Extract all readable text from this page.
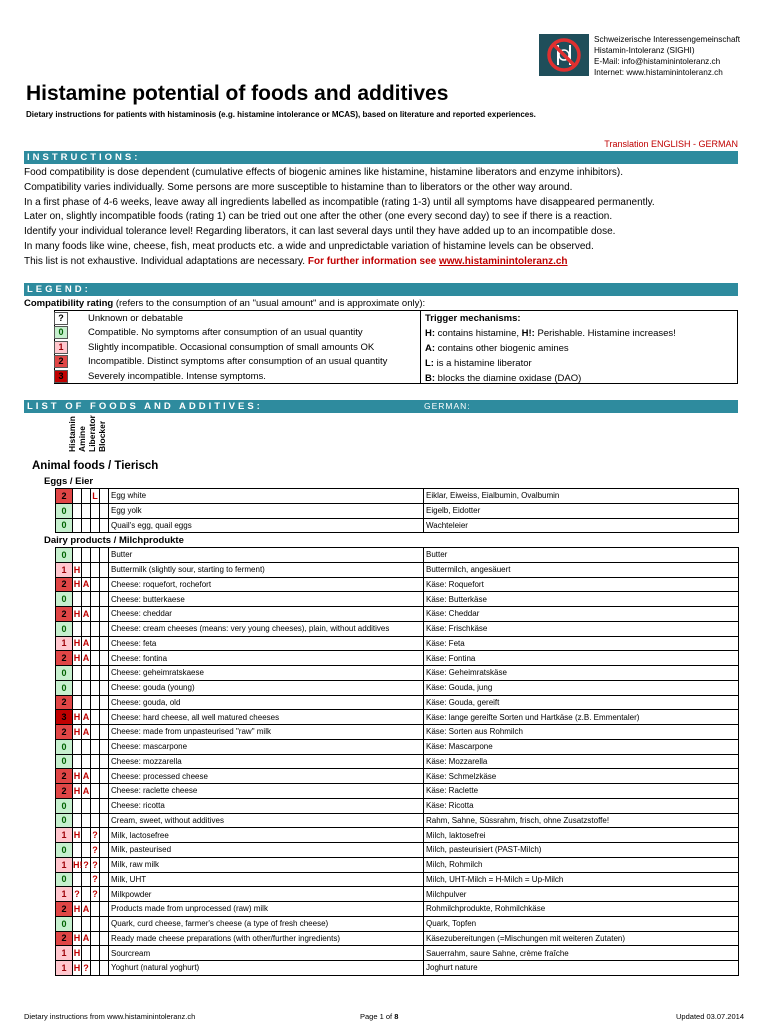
Schweizerische Interessengemeinschaft
Histamin-Intoleranz (SIGHI)
E-Mail: info@histaminintoleranz.ch
Internet: www.histaminintoleranz.ch
Histamine potential of foods and additives
Dietary instructions for patients with histaminosis (e.g. histamine intolerance or MCAS), based on literature and reported experiences.
Translation ENGLISH - GERMAN
INSTRUCTIONS:
Food compatibility is dose dependent (cumulative effects of biogenic amines like histamine, histamine liberators and enzyme inhibitors).
Compatibility varies individually. Some persons are more susceptible to histamine than to liberators or the other way around.
In a first phase of 4-6 weeks, leave away all ingredients labelled as incompatible (rating 1-3) until all symptoms have disappeared permanently.
Later on, slightly incompatible foods (rating 1) can be tried out one after the other (one every second day) to see if there is a reaction.
Identify your individual tolerance level! Regarding liberators, it can last several days until they have added up to an incompatible dose.
In many foods like wine, cheese, fish, meat products etc. a wide and unpredictable variation of histamine levels can be observed.
This list is not exhaustive. Individual adaptations are necessary. For further information see www.histaminintoleranz.ch
LEGEND:
Compatibility rating (refers to the consumption of an "usual amount" and is approximate only):
?	Unknown or debatable
0	Compatible. No symptoms after consumption of an usual quantity
1	Slightly incompatible. Occasional consumption of small amounts OK
2	Incompatible. Distinct symptoms after consumption of an usual quantity
3	Severely incompatible. Intense symptoms.
Trigger mechanisms:
H: contains histamine, H!: Perishable. Histamine increases!
A: contains other biogenic amines
L: is a histamine liberator
B: blocks the diamine oxidase (DAO)
LIST OF FOODS AND ADDITIVES:	GERMAN:
Histamin Amine Liberator Blocker
Animal foods / Tierisch
Eggs / Eier
2			L		Egg white	Eiklar, Eiweiss, Eialbumin, Ovalbumin
0					Egg yolk	Eigelb, Eidotter
0					Quail's egg, quail eggs	Wachteleier
Dairy products / Milchprodukte
0					Butter	Butter
1	H				Buttermilk (slightly sour, starting to ferment)	Buttermilch, angesäuert
2	H	A			Cheese: roquefort, rochefort	Käse: Roquefort
0					Cheese: butterkaese	Käse: Butterkäse
2	H	A			Cheese: cheddar	Käse: Cheddar
0					Cheese: cream cheeses (means: very young cheeses), plain, without additives	Käse: Frischkäse
1	H	A			Cheese: feta	Käse: Feta
2	H	A			Cheese: fontina	Käse: Fontina
0					Cheese: geheimratskaese	Käse: Geheimratskäse
0					Cheese: gouda (young)	Käse: Gouda, jung
2					Cheese: gouda, old	Käse: Gouda, gereift
3	H	A			Cheese: hard cheese, all well matured cheeses	Käse: lange gereifte Sorten und Hartkäse (z.B. Emmentaler)
2	H	A			Cheese: made from unpasteurised "raw" milk	Käse: Sorten aus Rohmilch
0					Cheese: mascarpone	Käse: Mascarpone
0					Cheese: mozzarella	Käse: Mozzarella
2	H	A			Cheese: processed cheese	Käse: Schmelzkäse
2	H	A			Cheese: raclette cheese	Käse: Raclette
0					Cheese: ricotta	Käse: Ricotta
0					Cream, sweet, without additives	Rahm, Sahne, Süssrahm, frisch, ohne Zusatzstoffe!
1	H		?		Milk, lactosefree	Milch, laktosefrei
0			?		Milk, pasteurised	Milch, pasteurisiert (PAST-Milch)
1	H!	?	?		Milk, raw milk	Milch, Rohmilch
0			?		Milk, UHT	Milch, UHT-Milch = H-Milch = Up-Milch
1	?		?		Milkpowder	Milchpulver
2	H	A			Products made from unprocessed (raw) milk	Rohmilchprodukte, Rohmilchkäse
0					Quark, curd cheese, farmer's cheese (a type of fresh cheese)	Quark, Topfen
2	H	A			Ready made cheese preparations (with other/further ingredients)	Käsezubereitungen (=Mischungen mit weiteren Zutaten)
1	H				Sourcream	Sauerrahm, saure Sahne, crème fraîche
1	H	?			Yoghurt (natural yoghurt)	Joghurt nature
Dietary instructions from www.histaminintoleranz.ch	Page 1 of 8	Updated 03.07.2014
